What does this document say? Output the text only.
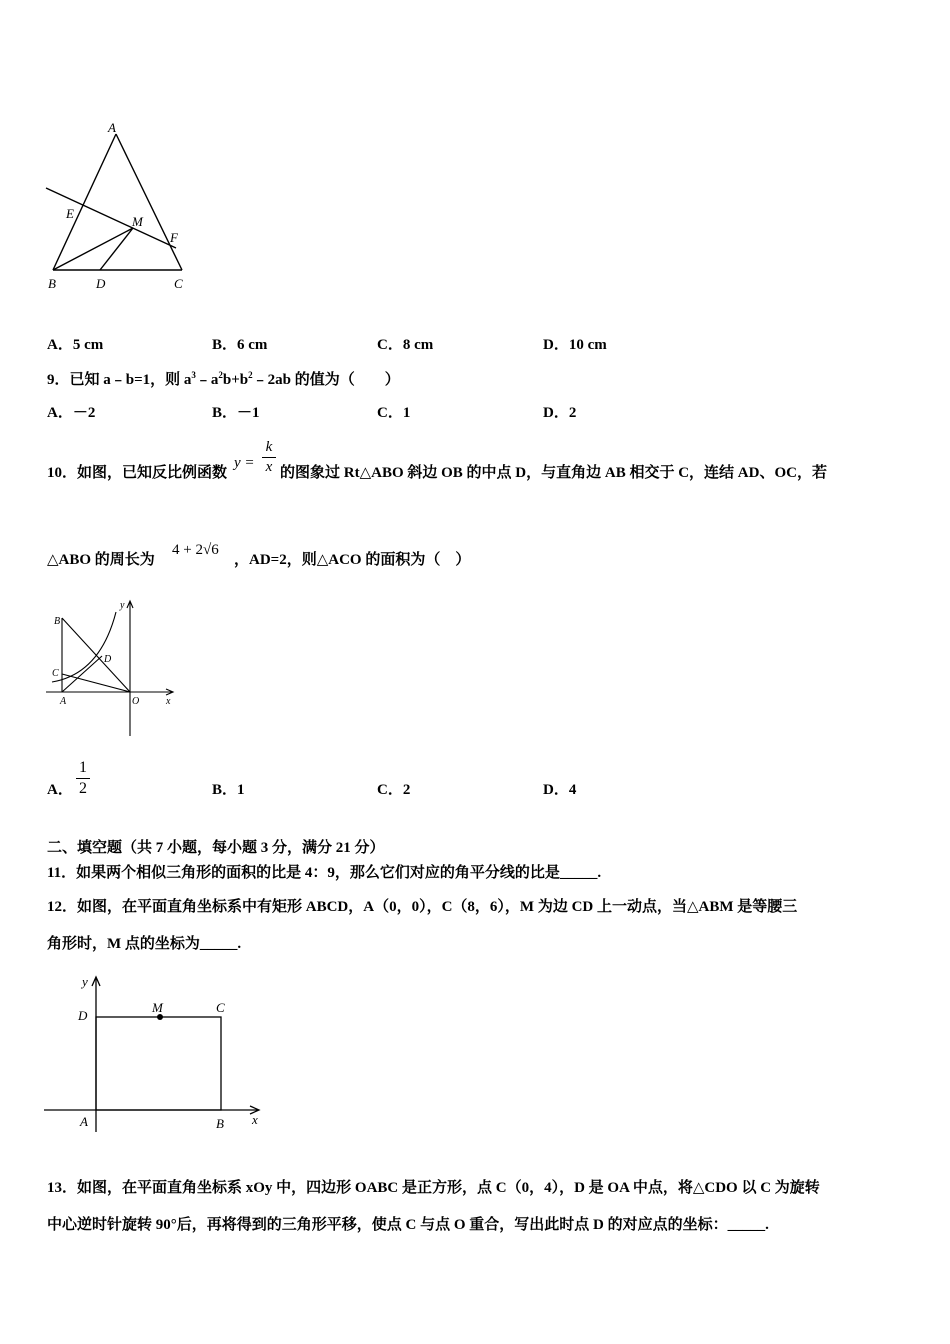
A
E
M
F
B	D	C
A．5 cm	B．6 cm	C．8 cm	D．10 cm
9．已知 a﹣b=1，则 $a^3﹣a^2b+b^2﹣2ab$ 的值为（　　）
A．－2	B．－1	C．1	D．2
10．如图，已知反比例函数
y =
k
x 的图象过 Rt△ABO 斜边 OB 的中点 D，与直角边 AB 相交于 C，连结 AD、OC，若
△ABO 的周长为
4 + 2√6
，AD=2，则△ACO 的面积为（　）
B
y
D
C
A	O	x
A．
1
2	B．1	C．2	D．4
二、填空题（共 7 小题，每小题 3 分，满分 21 分）
11．如果两个相似三角形的面积的比是 4：9，那么它们对应的角平分线的比是_____.
12．如图，在平面直角坐标系中有矩形 ABCD，A（0，0），C（8，6），M 为边 CD 上一动点，当△ABM 是等腰三
角形时，M 点的坐标为_____.
y
D
M	C
A	B x
13．如图，在平面直角坐标系 xOy 中，四边形 OABC 是正方形，点 C（0，4），D 是 OA 中点，将△CDO 以 C 为旋转
中心逆时针旋转 90°后，再将得到的三角形平移，使点 C 与点 O 重合，写出此时点 D 的对应点的坐标：_____.
